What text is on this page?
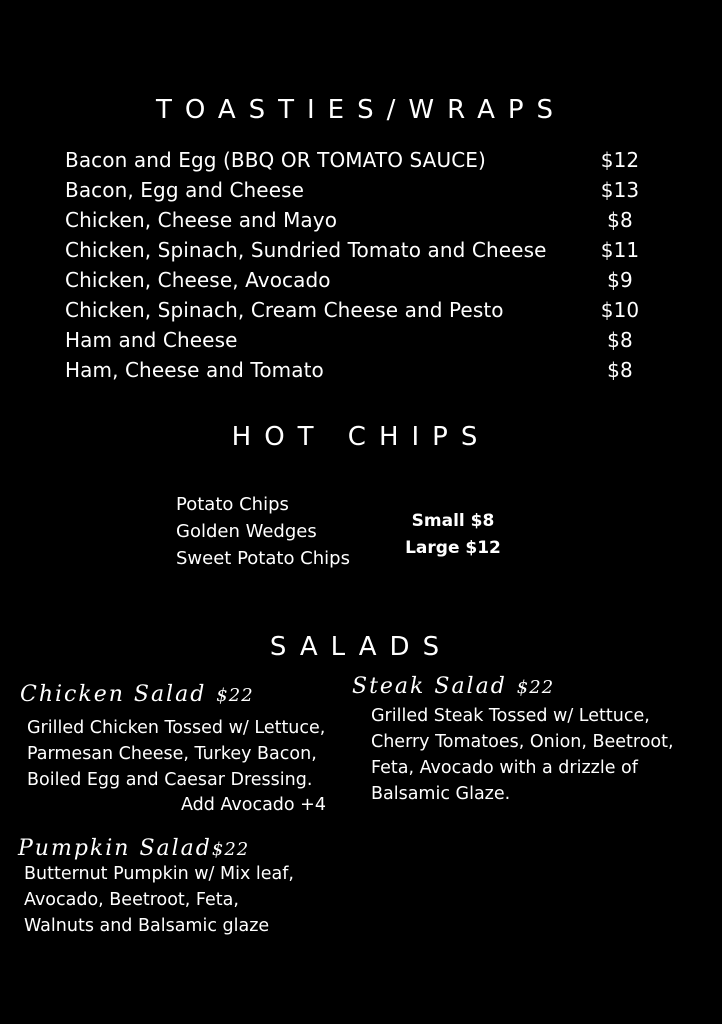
TOASTIES/WRAPS
Bacon and Egg (BBQ OR TOMATO SAUCE)	$12
Bacon, Egg and Cheese	$13
Chicken, Cheese and Mayo	$8
Chicken, Spinach, Sundried Tomato and Cheese	$11
Chicken, Cheese, Avocado	$9
Chicken, Spinach, Cream Cheese and Pesto	$10
Ham and Cheese	$8
Ham, Cheese and Tomato	$8
HOT CHIPS
Potato Chips
Golden Wedges
Sweet Potato Chips
Small $8
Large $12
SALADS
Chicken Salad $22
Grilled Chicken Tossed w/ Lettuce,
Parmesan Cheese, Turkey Bacon,
Boiled Egg and Caesar Dressing.
Add Avocado +4
Steak Salad $22
Grilled Steak Tossed w/ Lettuce,
Cherry Tomatoes, Onion, Beetroot,
Feta, Avocado with a drizzle of
Balsamic Glaze.
Pumpkin Salad$22
Butternut Pumpkin w/ Mix leaf,
Avocado, Beetroot, Feta,
Walnuts and Balsamic glaze
